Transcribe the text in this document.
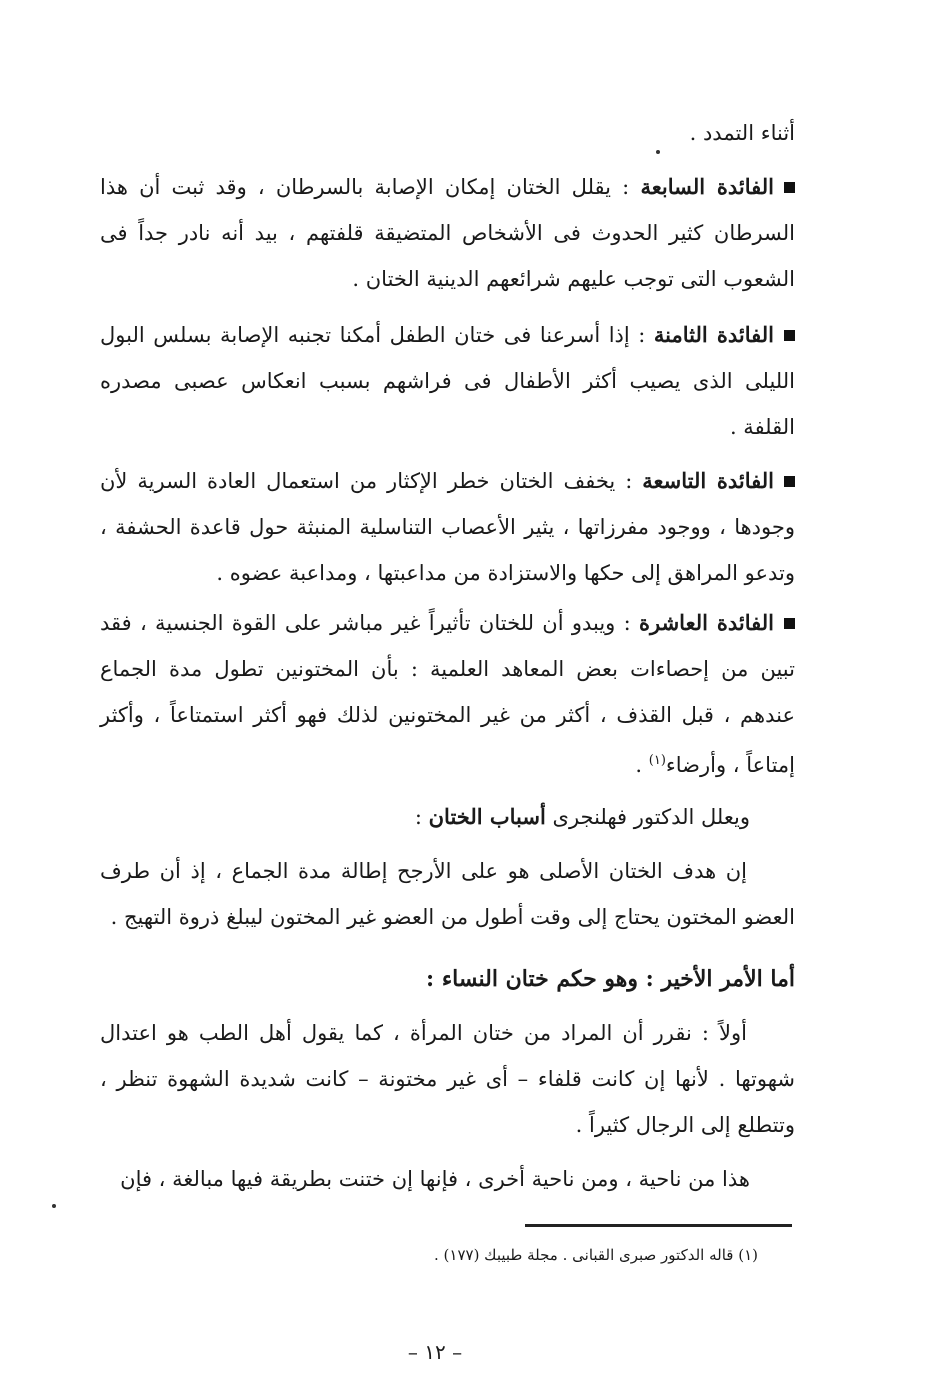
أثناء التمدد .
الفائدة السابعة : يقلل الختان إمكان الإصابة بالسرطان ، وقد ثبت أن هذا السرطان كثير الحدوث فى الأشخاص المتضيقة قلفتهم ، بيد أنه نادر جداً فى الشعوب التى توجب عليهم شرائعهم الدينية الختان .
الفائدة الثامنة : إذا أسرعنا فى ختان الطفل أمكنا تجنبه الإصابة بسلس البول الليلى الذى يصيب أكثر الأطفال فى فراشهم بسبب انعكاس عصبى مصدره القلفة .
الفائدة التاسعة : يخفف الختان خطر الإكثار من استعمال العادة السرية لأن وجودها ، ووجود مفرزاتها ، يثير الأعصاب التناسلية المنبثة حول قاعدة الحشفة ، وتدعو المراهق إلى حكها والاستزادة من مداعبتها ، ومداعبة عضوه .
الفائدة العاشرة : ويبدو أن للختان تأثيراً غير مباشر على القوة الجنسية ، فقد تبين من إحصاءات بعض المعاهد العلمية : بأن المختونين تطول مدة الجماع عندهم ، قبل القذف ، أكثر من غير المختونين لذلك فهو أكثر استمتاعاً ، وأكثر إمتاعاً ، وأرضاء$^{(١)}$ .
ويعلل الدكتور فهلنجرى أسباب الختان :
إن هدف الختان الأصلى هو على الأرجح إطالة مدة الجماع ، إذ أن طرف العضو المختون يحتاج إلى وقت أطول من العضو غير المختون ليبلغ ذروة التهيج .
أما الأمر الأخير : وهو حكم ختان النساء :
أولاً : نقرر أن المراد من ختان المرأة ، كما يقول أهل الطب هو اعتدال شهوتها . لأنها إن كانت قلفاء – أى غير مختونة – كانت شديدة الشهوة تنظر ، وتتطلع إلى الرجال كثيراً .
هذا من ناحية ، ومن ناحية أخرى ، فإنها إن ختنت بطريقة فيها مبالغة ، فإن
(١) قاله الدكتور صبرى القبانى . مجلة طبيبك (١٧٧) .
– ١٢ –
